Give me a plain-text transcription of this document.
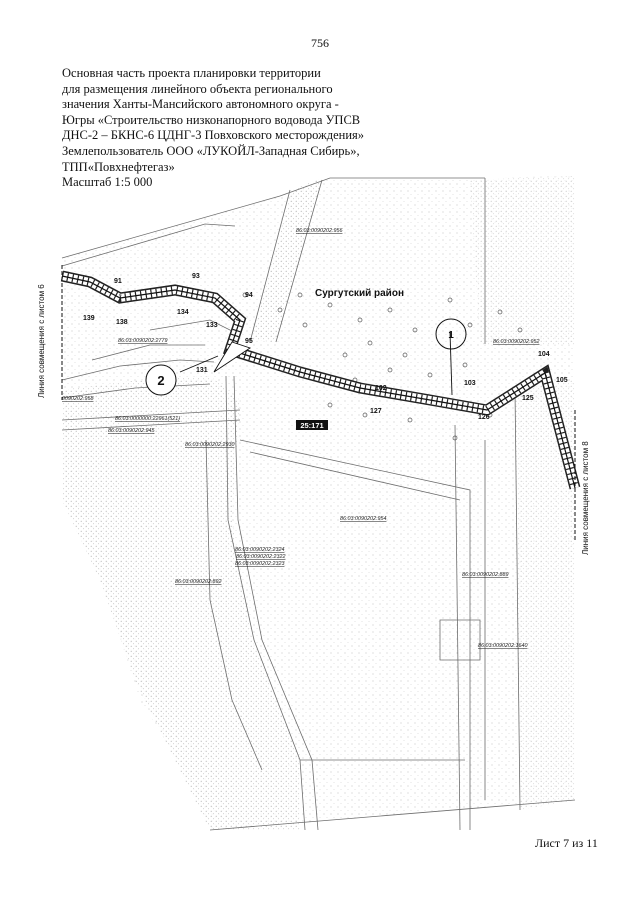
756
Основная часть проекта планировки территории
для размещения линейного объекта регионального
значения Ханты-Мансийского автономного округа -
Югры «Строительство низконапорного водовода УПСВ
ДНС-2 – БКНС-6 ЦДНГ-3 Повховского месторождения»
Землепользователь ООО «ЛУКОЙЛ-Западная Сибирь»,
ТПП«Повхнефтегаз»
Масштаб 1:5 000
1
2
Сургутский район
91
93
94
95
102
103
104
105
125
126
127
131
133
134
138
139
86:03:0090202:956
86:03:0090202:2779
0090202:958
86:03:0000000:22961(521)
86:03:0090202:945
86:03:0090202:2930
86:03:0090202:952
86:03:0090202:954
86:03:0090202:2324
86:03:0090202:2322
86:03:0090202:2323
86:03:0090202:892
86:03:0090202:889
86:03:0090202:1640
25:171
Линия совмещения с листом 6
Линия совмещения с листом 8
Лист 7 из 11
